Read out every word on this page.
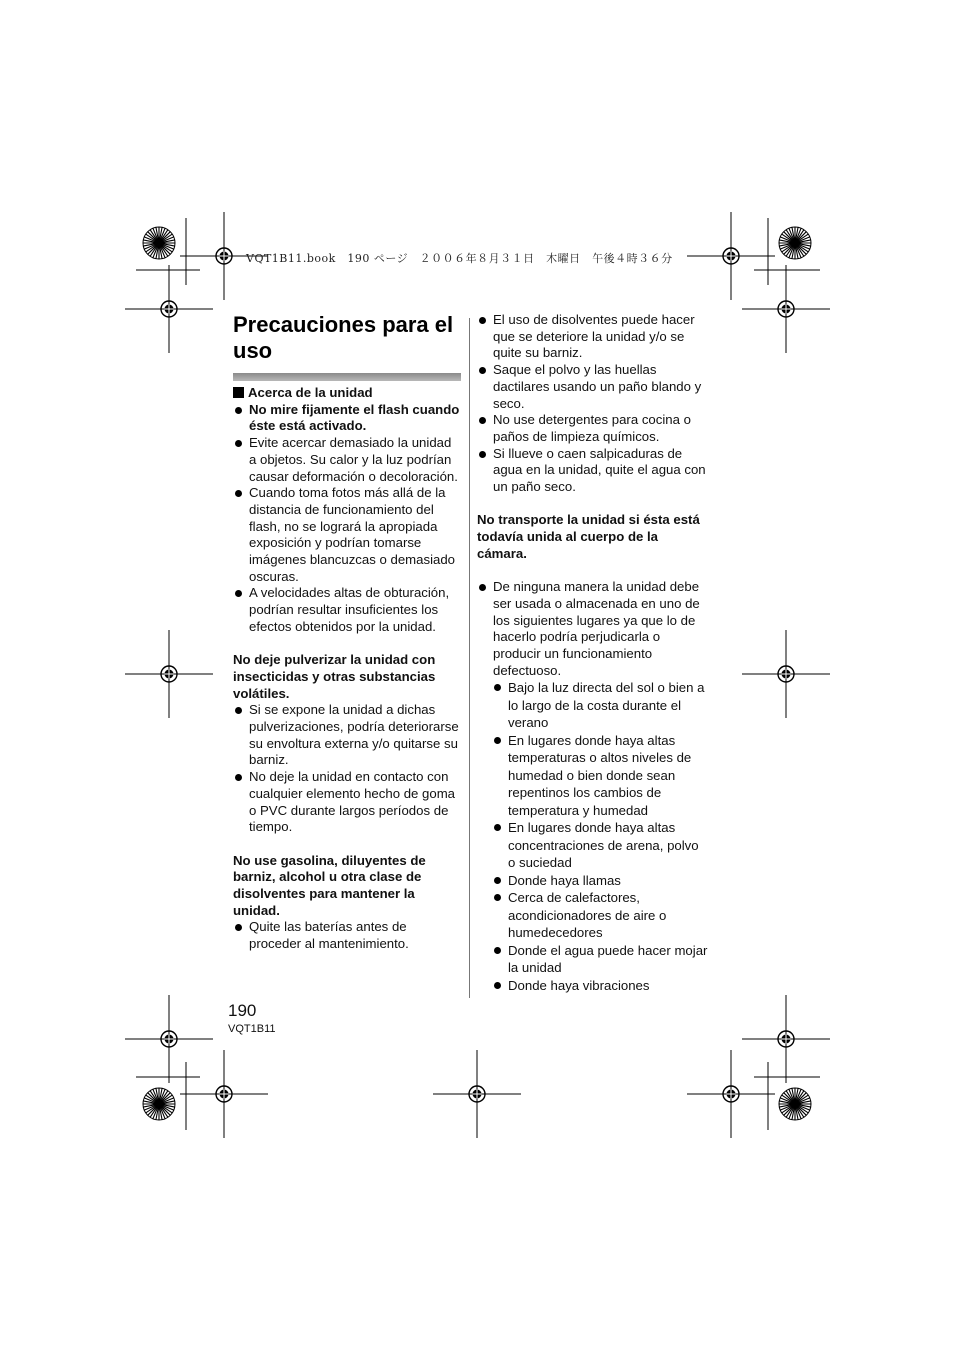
VQT1B11.book　190 ページ　２００６年８月３１日　木曜日　午後４時３６分
Precauciones para el uso
Acerca de la unidad
No mire fijamente el flash cuando éste está activado.
Evite acercar demasiado la unidad a objetos. Su calor y la luz podrían causar deformación o decoloración.
Cuando toma fotos más allá de la distancia de funcionamiento del flash, no se logrará la apropiada exposición y podrían tomarse imágenes blancuzcas o demasiado oscuras.
A velocidades altas de obturación, podrían resultar insuficientes los efectos obtenidos por la unidad.

No deje pulverizar la unidad con insecticidas y otras substancias volátiles.

Si se expone la unidad a dichas pulverizaciones, podría deteriorarse su envoltura externa y/o quitarse su barniz.
No deje la unidad en contacto con cualquier elemento hecho de goma o PVC durante largos períodos de tiempo.

No use gasolina, diluyentes de barniz, alcohol u otra clase de disolventes para mantener la unidad.

Quite las baterías antes de proceder al mantenimiento.
El uso de disolventes puede hacer que se deteriore la unidad y/o se quite su barniz.
Saque el polvo y las huellas dactilares usando un paño blando y seco.
No use detergentes para cocina o paños de limpieza químicos.
Si llueve o caen salpicaduras de agua en la unidad, quite el agua con un paño seco.

No transporte la unidad si ésta está todavía unida al cuerpo de la cámara.

De ninguna manera la unidad debe ser usada o almacenada en uno de los siguientes lugares ya que lo de hacerlo podría perjudicarla o producir un funcionamiento defectuoso.
Bajo la luz directa del sol o bien a lo largo de la costa durante el verano
En lugares donde haya altas temperaturas o altos niveles de humedad o bien donde sean repentinos los cambios de temperatura y humedad
En lugares donde haya altas concentraciones de arena, polvo o suciedad
Donde haya llamas
Cerca de calefactores, acondicionadores de aire o humedecedores
Donde el agua puede hacer mojar la unidad
Donde haya vibraciones
190
VQT1B11
